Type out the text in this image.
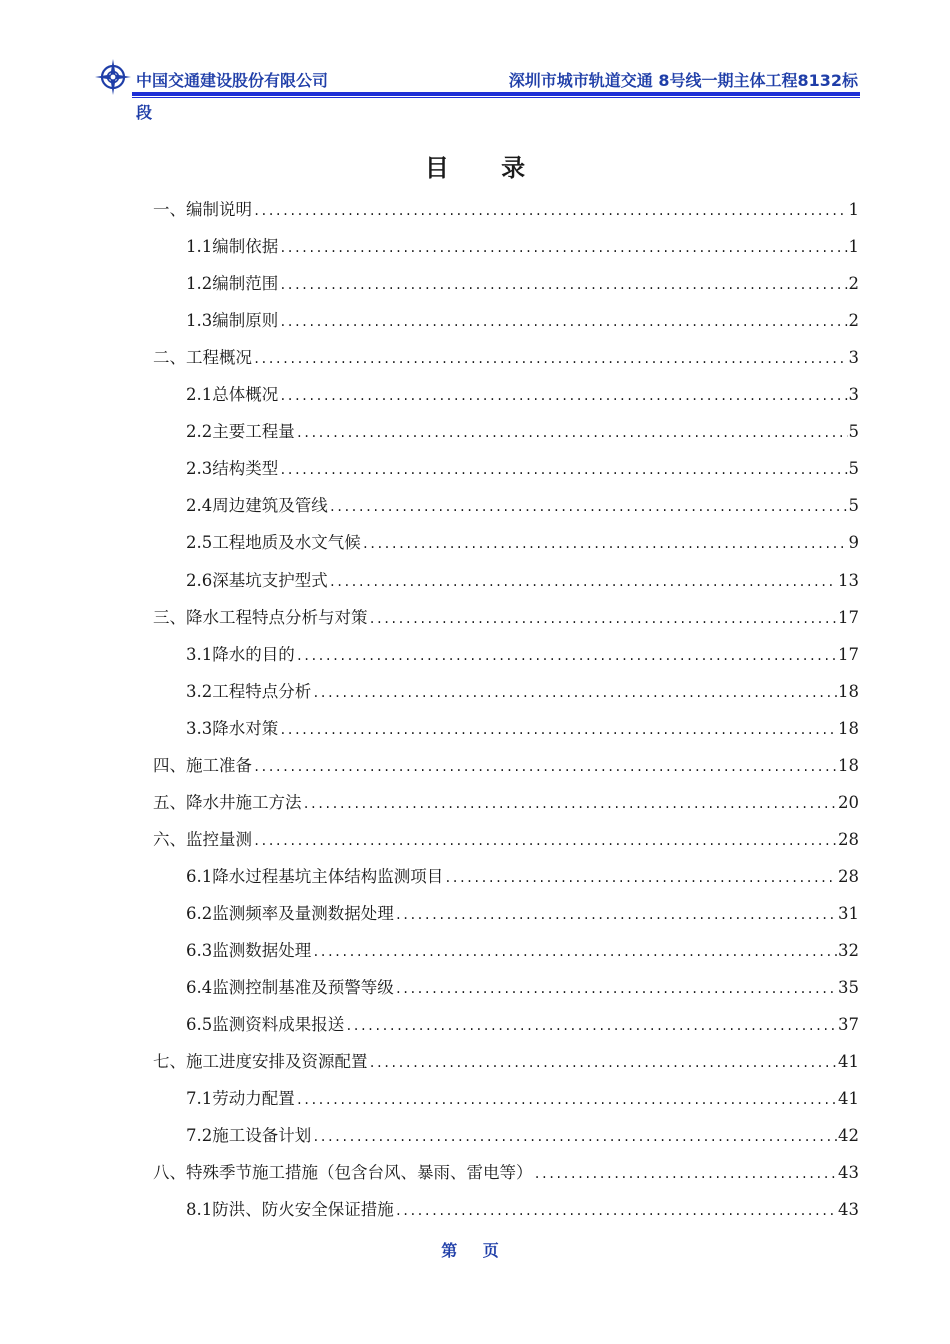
中国交通建设股份有限公司	深圳市城市轨道交通 8号线一期主体工程8132标
段
目 录
一、编制说明 .....	1
1.1编制依据 .....	1
1.2编制范围 .....	2
1.3编制原则 .....	2
二、工程概况 .....	3
2.1总体概况 .....	3
2.2主要工程量 .....	5
2.3结构类型 .....	5
2.4周边建筑及管线 .....	5
2.5工程地质及水文气候 .....	9
2.6深基坑支护型式 .....	13
三、降水工程特点分析与对策 .....	17
3.1降水的目的 .....	17
3.2工程特点分析 .....	18
3.3降水对策 .....	18
四、施工准备 .....	18
五、降水井施工方法 .....	20
六、监控量测 .....	28
6.1降水过程基坑主体结构监测项目 .....	28
6.2监测频率及量测数据处理 .....	31
6.3监测数据处理 .....	32
6.4监测控制基准及预警等级 .....	35
6.5监测资料成果报送 .....	37
七、施工进度安排及资源配置 .....	41
7.1劳动力配置 .....	41
7.2施工设备计划 .....	42
八、特殊季节施工措施（包含台风、暴雨、雷电等） .....	43
8.1防洪、防火安全保证措施 .....	43
第 页
